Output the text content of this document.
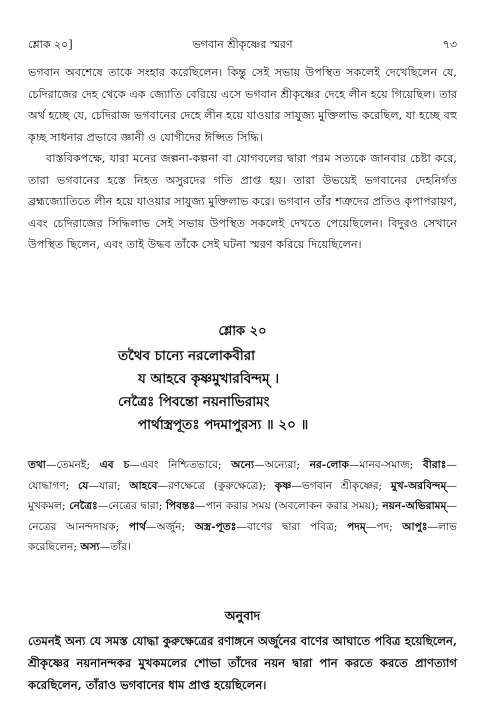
শ্লোক ২০]	ভগবান শ্রীকৃষ্ণের স্মরণ	৭৩

ভগবান অবশেষে তাকে সংহার করেছিলেন। কিন্তু সেই সভায় উপস্থিত সকলেই দেখেছিলেন যে, চেদিরাজের দেহ থেকে এক জ্যোতি বেরিয়ে এসে ভগবান শ্রীকৃষ্ণের দেহে লীন হয়ে গিয়েছিল। তার অর্থ হচ্ছে যে, চেদিরাজ ভগবানের দেহে লীন হয়ে যাওয়ার সাযুজ্য মুক্তিলাভ করেছিল, যা হচ্ছে বহু কৃচ্ছ সাধনার প্রভাবে জ্ঞানী ও যোগীদের ঈপ্সিত সিদ্ধি।

বাস্তবিকপক্ষে, যারা মনের জল্পনা-কল্পনা বা যোগবলের দ্বারা পরম সত্যকে জানবার চেষ্টা করে, তারা ভগবানের হস্তে নিহত অসুরদের গতি প্রাপ্ত হয়। তারা উভয়েই ভগবানের দেহনির্গত ব্রহ্মজ্যোতিতে লীন হয়ে যাওয়ার সাযুজ্য মুক্তিলাভ করে। ভগবান তাঁর শত্রুদের প্রতিও কৃপাপরায়ণ, এবং চেদিরাজের সিদ্ধিলাভ সেই সভায় উপস্থিত সকলেই দেখতে পেয়েছিলেন। বিদুরও সেখানে উপস্থিত ছিলেন, এবং তাই উদ্ধব তাঁকে সেই ঘটনা স্মরণ করিয়ে দিয়েছিলেন।

শ্লোক ২০

তথৈব চান্যে নরলোকবীরা

য আহবে কৃষ্ণমুখারবিন্দম্ ।

নেত্রৈঃ পিবন্তো নয়নাভিরামং

পার্থাস্ত্রপূতঃ পদমাপুরস্য ॥ ২০ ॥

তথা—তেমনই; এব চ—এবং নিশ্চিতভাবে; অন্যে—অন্যেরা; নর-লোক—মানব-সমাজ; বীরাঃ—যোদ্ধাগণ; যে—যারা; আহবে—রণক্ষেত্রে (কুরুক্ষেত্রে); কৃষ্ণ—ভগবান শ্রীকৃষ্ণের; মুখ-অরবিন্দম্—মুখকমল; নেত্রৈঃ—নেত্রের দ্বারা; পিবন্তঃ—পান করার সময় (অবলোকন করার সময়); নয়ন-অভিরামম্—নেত্রের আনন্দদায়ক; পার্থ—অর্জুন; অস্ত্র-পূতঃ—বাণের দ্বারা পবিত্র; পদম্—পদ; আপুঃ—লাভ করেছিলেন; অস্য—তাঁর।

অনুবাদ

তেমনই অন্য যে সমস্ত যোদ্ধা কুরুক্ষেত্রের রণাঙ্গনে অর্জুনের বাণের আঘাতে পবিত্র হয়েছিলেন, শ্রীকৃষ্ণের নয়নানন্দকর মুখকমলের শোভা তাঁদের নয়ন দ্বারা পান করতে করতে প্রাণত্যাগ করেছিলেন, তাঁরাও ভগবানের ধাম প্রাপ্ত হয়েছিলেন।
